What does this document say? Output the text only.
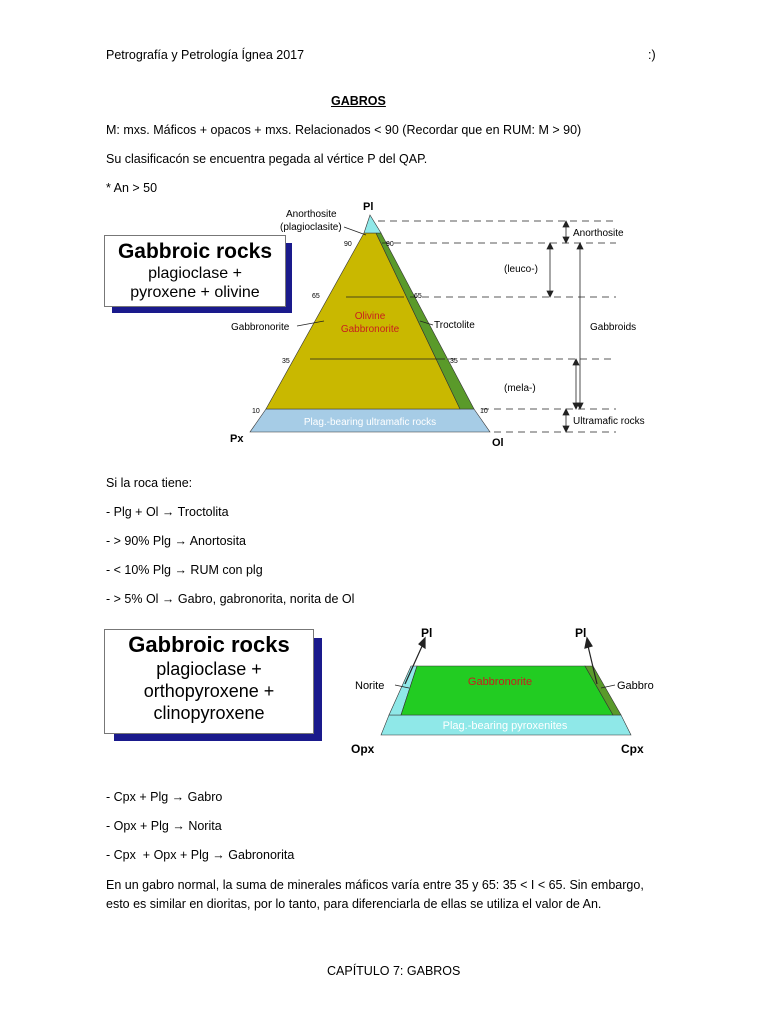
Petrografía y Petrología Ígnea 2017	:)
GABROS
M: mxs. Máficos + opacos + mxs. Relacionados < 90 (Recordar que en RUM: M > 90)
Su clasificacón se encuentra pegada al vértice P del QAP.
* An > 50
Gabbroic rocks
plagioclase +
pyroxene + olivine
Anorthosite
(leuco-)
Gabbroids
(mela-)
Ultramafic rocks
Pl
Px	Ol
Anorthosite
(plagioclasite)
90	90
65	65
35	35
10	10
Olivine
Gabbronorite
Gabbronorite	Troctolite
Plag.-bearing ultramafic rocks
Si la roca tiene:
- Plg + Ol → Troctolita
- > 90% Plg → Anortosita
- < 10% Plg → RUM con plg
- > 5% Ol → Gabro, gabronorita, norita de Ol
Gabbroic rocks
plagioclase +
orthopyroxene +
clinopyroxene
Pl	Pl
Norite	Gabbronorite	Gabbro
Plag.-bearing pyroxenites
Opx	Cpx
- Cpx + Plg → Gabro
- Opx + Plg → Norita
- Cpx  + Opx + Plg → Gabronorita
En un gabro normal, la suma de minerales máficos varía entre 35 y 65: 35 < I < 65. Sin embargo, esto es similar en dioritas, por lo tanto, para diferenciarla de ellas se utiliza el valor de An.
CAPÍTULO 7: GABROS
